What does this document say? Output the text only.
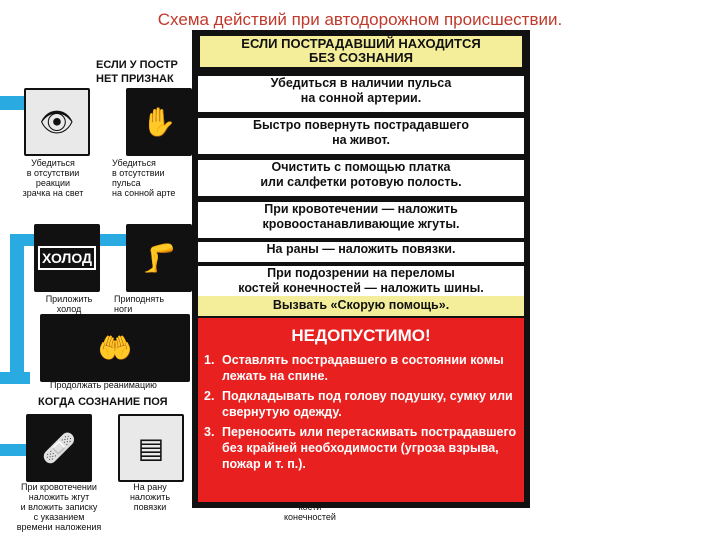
Схема действий при автодорожном происшествии.
ЕСЛИ У ПОСТР
НЕТ ПРИЗНАК
👁
Убедиться
в отсутствии
реакции
зрачка на свет
✋
Убедиться
в отсутствии
пульса
на сонной арте
ХОЛОД
Приложить
холод

🦵
Приподнять
ноги
🤲
Продолжать реанимацию
КОГДА СОЗНАНИЕ ПОЯ
🩹
При кровотечении
наложить жгут
и вложить записку
с указанием
времени наложения
▤
На рану
наложить
повязки

конечностей
ЕСЛИ ПОСТРАДАВШИЙ НАХОДИТСЯ
БЕЗ СОЗНАНИЯ
Убедиться в наличии пульса
на сонной артерии.
Быстро повернуть пострадавшего
на живот.
Очистить с помощью платка
или салфетки ротовую полость.
При кровотечении — наложить
кровоостанавливающие жгуты.
На раны — наложить повязки.
При подозрении на переломы
костей конечностей — наложить шины.
Вызвать «Скорую помощь».
НЕДОПУСТИМО!
1. Оставлять пострадавшего в состоянии комы лежать на спине.
2. Подкладывать под голову подушку, сумку или свернутую одежду.
3. Переносить или перетаскивать пострадавшего без крайней необходимости (угроза взрыва, пожар и т. п.).
